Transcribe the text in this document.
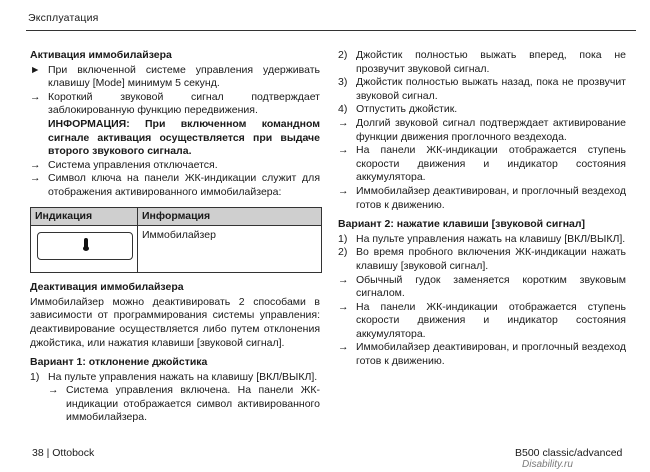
Эксплуатация
Активация иммобилайзера
► При включенной системе управления удерживать клавишу [Mode] минимум 5 секунд.
→ Короткий звуковой сигнал подтверждает заблокированную функцию передвижения.
ИНФОРМАЦИЯ: При включенном командном сигнале активация осуществляется при выдаче второго звукового сигнала.
→ Система управления отключается.
→ Символ ключа на панели ЖК-индикации служит для отображения активированного иммобилайзера:
Индикация	Информация

	Иммобилайзер
Деактивация иммобилайзера
Иммобилайзер можно деактивировать 2 способами в зависимости от программирования системы управления: деактивирование осуществляется либо путем отклонения джойстика, или нажатия клавиши [звуковой сигнал].
Вариант 1: отклонение джойстика
1) На пульте управления нажать на клавишу [ВКЛ/ВЫКЛ].
→ Система управления включена. На панели ЖК-индикации отображается символ активированного иммобилайзера.
2) Джойстик полностью выжать вперед, пока не прозвучит звуковой сигнал.
3) Джойстик полностью выжать назад, пока не прозвучит звуковой сигнал.
4) Отпустить джойстик.
→ Долгий звуковой сигнал подтверждает активирование функции движения проглочного вездехода.
→ На панели ЖК-индикации отображается ступень скорости движения и индикатор состояния аккумулятора.
→ Иммобилайзер деактивирован, и проглочный вездеход готов к движению.
Вариант 2: нажатие клавиши [звуковой сигнал]
1) На пульте управления нажать на клавишу [ВКЛ/ВЫКЛ].
2) Во время пробного включения ЖК-индикации нажать клавишу [звуковой сигнал].
→ Обычный гудок заменяется коротким звуковым сигналом.
→ На панели ЖК-индикации отображается ступень скорости движения и индикатор состояния аккумулятора.
→ Иммобилайзер деактивирован, и проглочный вездеход готов к движению.
38 | Ottobock	B500 classic/advanced
Disability.ru
